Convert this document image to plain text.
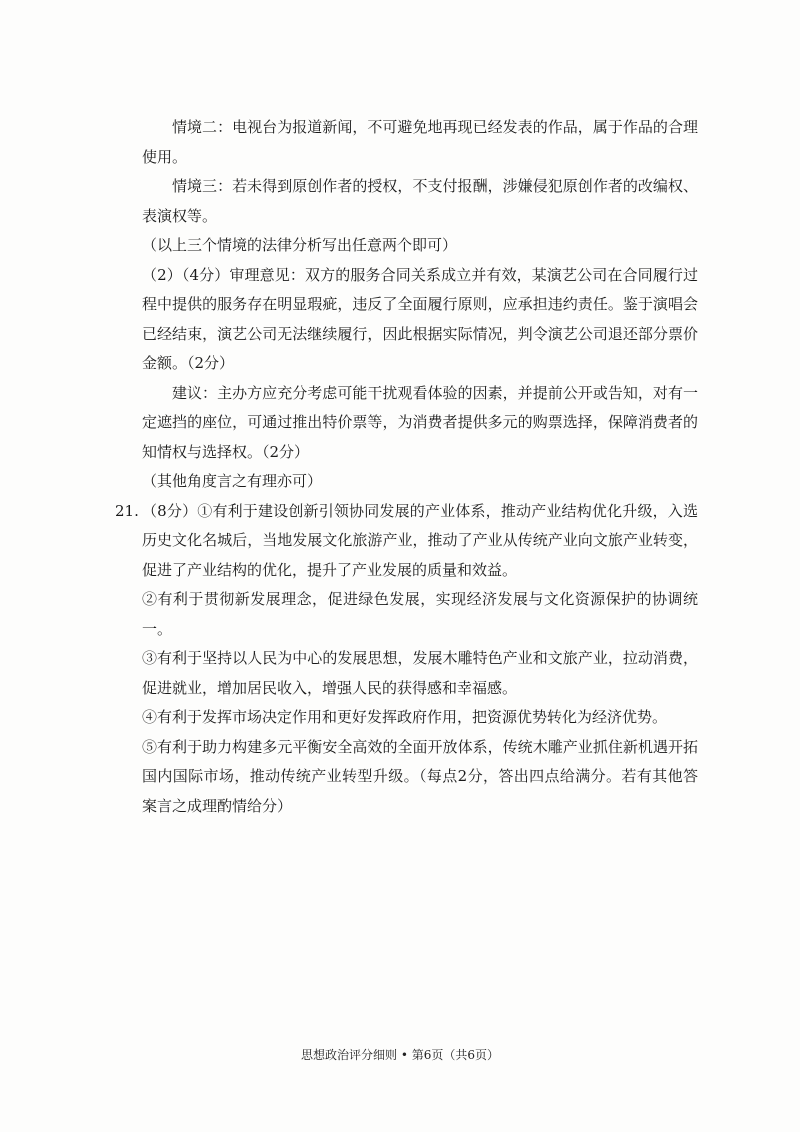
情境二：电视台为报道新闻，不可避免地再现已经发表的作品，属于作品的合理使用。

情境三：若未得到原创作者的授权，不支付报酬，涉嫌侵犯原创作者的改编权、表演权等。

（以上三个情境的法律分析写出任意两个即可）

（2）（4分）审理意见：双方的服务合同关系成立并有效，某演艺公司在合同履行过程中提供的服务存在明显瑕疵，违反了全面履行原则，应承担违约责任。鉴于演唱会已经结束，演艺公司无法继续履行，因此根据实际情况，判令演艺公司退还部分票价金额。（2分）

建议：主办方应充分考虑可能干扰观看体验的因素，并提前公开或告知，对有一定遮挡的座位，可通过推出特价票等，为消费者提供多元的购票选择，保障消费者的知情权与选择权。（2分）

（其他角度言之有理亦可）

21. （8分）①有利于建设创新引领协同发展的产业体系，推动产业结构优化升级，入选历史文化名城后，当地发展文化旅游产业，推动了产业从传统产业向文旅产业转变，促进了产业结构的优化，提升了产业发展的质量和效益。

②有利于贯彻新发展理念，促进绿色发展，实现经济发展与文化资源保护的协调统一。

③有利于坚持以人民为中心的发展思想，发展木雕特色产业和文旅产业，拉动消费，促进就业，增加居民收入，增强人民的获得感和幸福感。

④有利于发挥市场决定作用和更好发挥政府作用，把资源优势转化为经济优势。

⑤有利于助力构建多元平衡安全高效的全面开放体系，传统木雕产业抓住新机遇开拓国内国际市场，推动传统产业转型升级。（每点2分，答出四点给满分。若有其他答案言之成理酌情给分）

思想政治评分细则 • 第6页（共6页）
